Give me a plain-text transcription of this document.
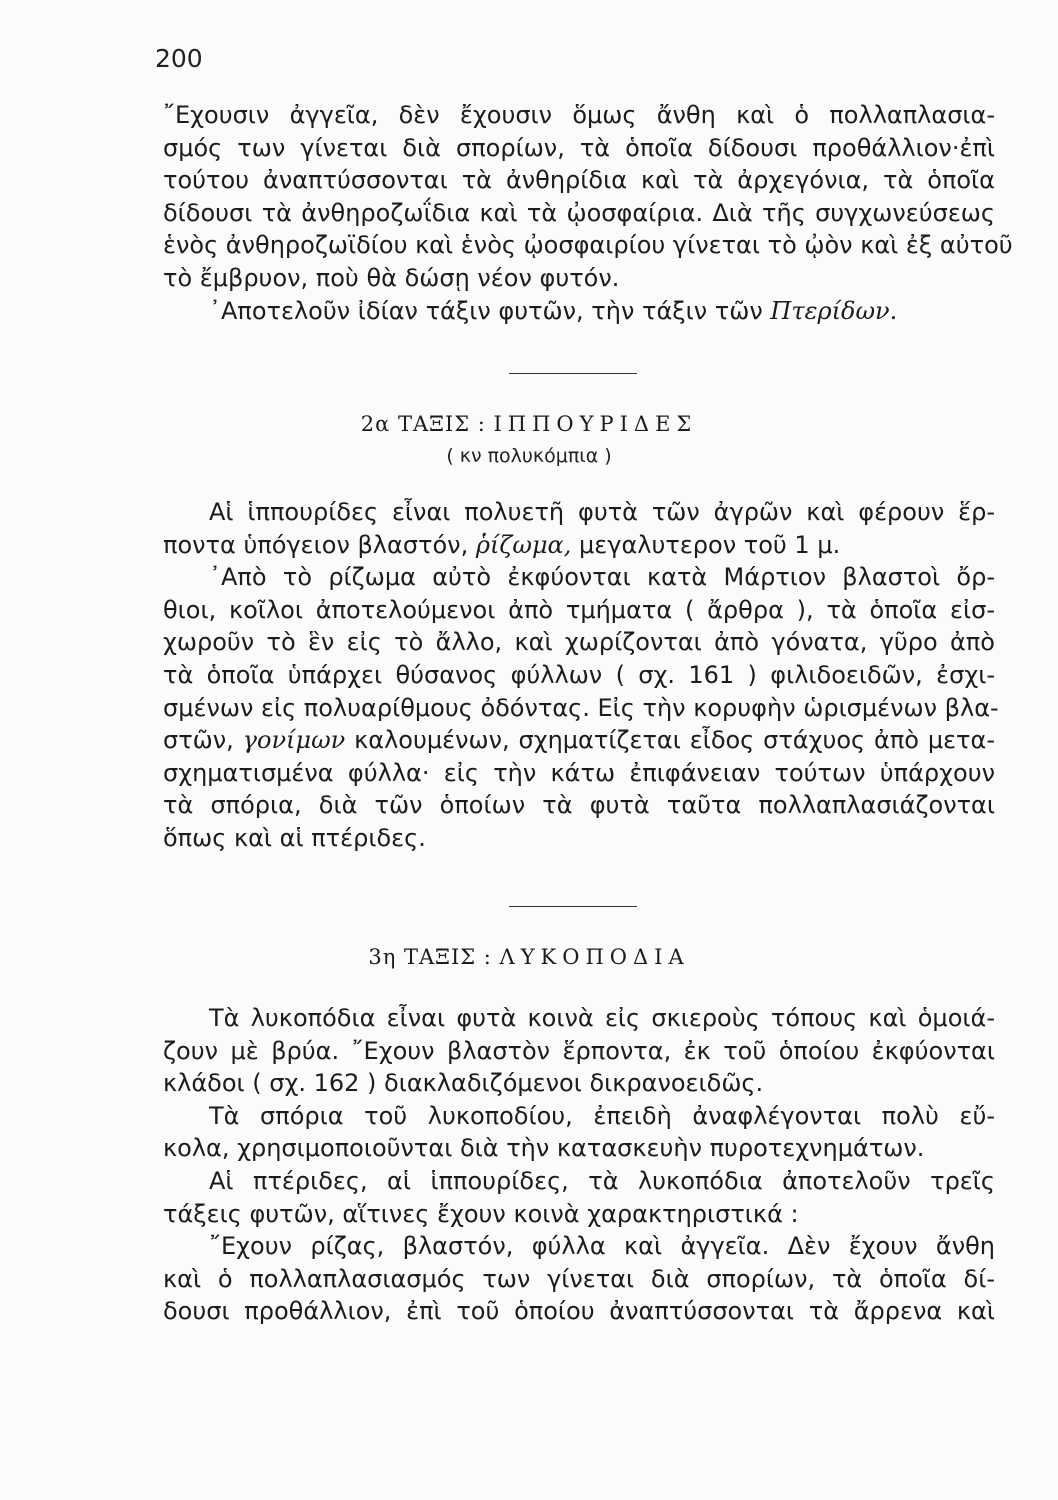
200
῎Εχουσιν ἀγγεῖα, δὲν ἔχουσιν ὅμως ἄνθη καὶ ὁ πολλαπλασια-
σμός των γίνεται διὰ σπορίων, τὰ ὁποῖα δίδουσι προθάλλιον·ἐπὶ
τούτου ἀναπτύσσονται τὰ ἀνθηρίδια καὶ τὰ ἀρχεγόνια, τὰ ὁποῖα
δίδουσι τὰ ἀνθηροζωΐδια καὶ τὰ ᾠοσφαίρια. Διὰ τῆς συγχωνεύσεως
ἑνὸς ἀνθηροζωϊδίου καὶ ἑνὸς ᾠοσφαιρίου γίνεται τὸ ᾠὸν καὶ ἐξ αὐτοῦ
τὸ ἔμβρυον, ποὺ θὰ δώσῃ νέον φυτόν.
᾿Αποτελοῦν ἰδίαν τάξιν φυτῶν, τὴν τάξιν τῶν Πτερίδων.
2α ΤΑΞΙΣ : ΙΠΠΟΥΡΙΔΕΣ
( κν πολυκόμπια )
Αἱ ἱππουρίδες εἶναι πολυετῆ φυτὰ τῶν ἀγρῶν καὶ φέρουν ἕρ-
ποντα ὑπόγειον βλαστόν, ῥίζωμα, μεγαλυτερον τοῦ 1 μ.
᾿Απὸ τὸ ρίζωμα αὐτὸ ἐκφύονται κατὰ Μάρτιον βλαστοὶ ὄρ-
θιοι, κοῖλοι ἀποτελούμενοι ἀπὸ τμήματα ( ἄρθρα ), τὰ ὁποῖα εἰσ-
χωροῦν τὸ ἓν εἰς τὸ ἄλλο, καὶ χωρίζονται ἀπὸ γόνατα, γῦρο ἀπὸ
τὰ ὁποῖα ὑπάρχει θύσανος φύλλων ( σχ. 161 ) φιλιδοειδῶν, ἐσχι-
σμένων εἰς πολυαρίθμους ὀδόντας. Εἰς τὴν κορυφὴν ὡρισμένων βλα-
στῶν, γονίμων καλουμένων, σχηματίζεται εἶδος στάχυος ἀπὸ μετα-
σχηματισμένα φύλλα· εἰς τὴν κάτω ἐπιφάνειαν τούτων ὑπάρχουν
τὰ σπόρια, διὰ τῶν ὁποίων τὰ φυτὰ ταῦτα πολλαπλασιάζονται
ὅπως καὶ αἱ πτέριδες.
3η ΤΑΞΙΣ : ΛΥΚΟΠΟΔΙΑ
Τὰ λυκοπόδια εἶναι φυτὰ κοινὰ εἰς σκιεροὺς τόπους καὶ ὁμοιά-
ζουν μὲ βρύα. ῎Εχουν βλαστὸν ἕρποντα, ἐκ τοῦ ὁποίου ἐκφύονται
κλάδοι ( σχ. 162 ) διακλαδιζόμενοι δικρανοειδῶς.
Τὰ σπόρια τοῦ λυκοποδίου, ἐπειδὴ ἀναφλέγονται πολὺ εὔ-
κολα, χρησιμοποιοῦνται διὰ τὴν κατασκευὴν πυροτεχνημάτων.
Αἱ πτέριδες, αἱ ἱππουρίδες, τὰ λυκοπόδια ἀποτελοῦν τρεῖς
τάξεις φυτῶν, αἵτινες ἔχουν κοινὰ χαρακτηριστικά :
῎Εχουν ρίζας, βλαστόν, φύλλα καὶ ἀγγεῖα. Δὲν ἔχουν ἄνθη
καὶ ὁ πολλαπλασιασμός των γίνεται διὰ σπορίων, τὰ ὁποῖα δί-
δουσι προθάλλιον, ἐπὶ τοῦ ὁποίου ἀναπτύσσονται τὰ ἄρρενα καὶ
